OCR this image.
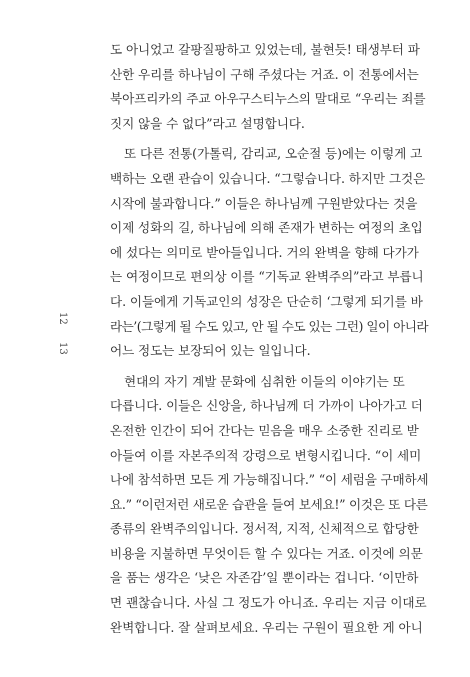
12
13
도 아니었고 갈팡질팡하고 있었는데, 불현듯! 태생부터 파
산한 우리를 하나님이 구해 주셨다는 거죠. 이 전통에서는
북아프리카의 주교 아우구스티누스의 말대로 “우리는 죄를
짓지 않을 수 없다”라고 설명합니다.
또 다른 전통(가톨릭, 감리교, 오순절 등)에는 이렇게 고
백하는 오랜 관습이 있습니다. “그렇습니다. 하지만 그것은
시작에 불과합니다.” 이들은 하나님께 구원받았다는 것을
이제 성화의 길, 하나님에 의해 존재가 변하는 여정의 초입
에 섰다는 의미로 받아들입니다. 거의 완벽을 향해 다가가
는 여정이므로 편의상 이를 “기독교 완벽주의”라고 부릅니
다. 이들에게 기독교인의 성장은 단순히 ‘그렇게 되기를 바
라는’(그렇게 될 수도 있고, 안 될 수도 있는 그런) 일이 아니라
어느 정도는 보장되어 있는 일입니다.
현대의 자기 계발 문화에 심취한 이들의 이야기는 또
다릅니다. 이들은 신앙을, 하나님께 더 가까이 나아가고 더
온전한 인간이 되어 간다는 믿음을 매우 소중한 진리로 받
아들여 이를 자본주의적 강령으로 변형시킵니다. “이 세미
나에 참석하면 모든 게 가능해집니다.” “이 세럼을 구매하세
요.” “이런저런 새로운 습관을 들여 보세요!” 이것은 또 다른
종류의 완벽주의입니다. 정서적, 지적, 신체적으로 합당한
비용을 지불하면 무엇이든 할 수 있다는 거죠. 이것에 의문
을 품는 생각은 ‘낮은 자존감’일 뿐이라는 겁니다. ‘이만하
면 괜찮습니다. 사실 그 정도가 아니죠. 우리는 지금 이대로
완벽합니다. 잘 살펴보세요. 우리는 구원이 필요한 게 아니
